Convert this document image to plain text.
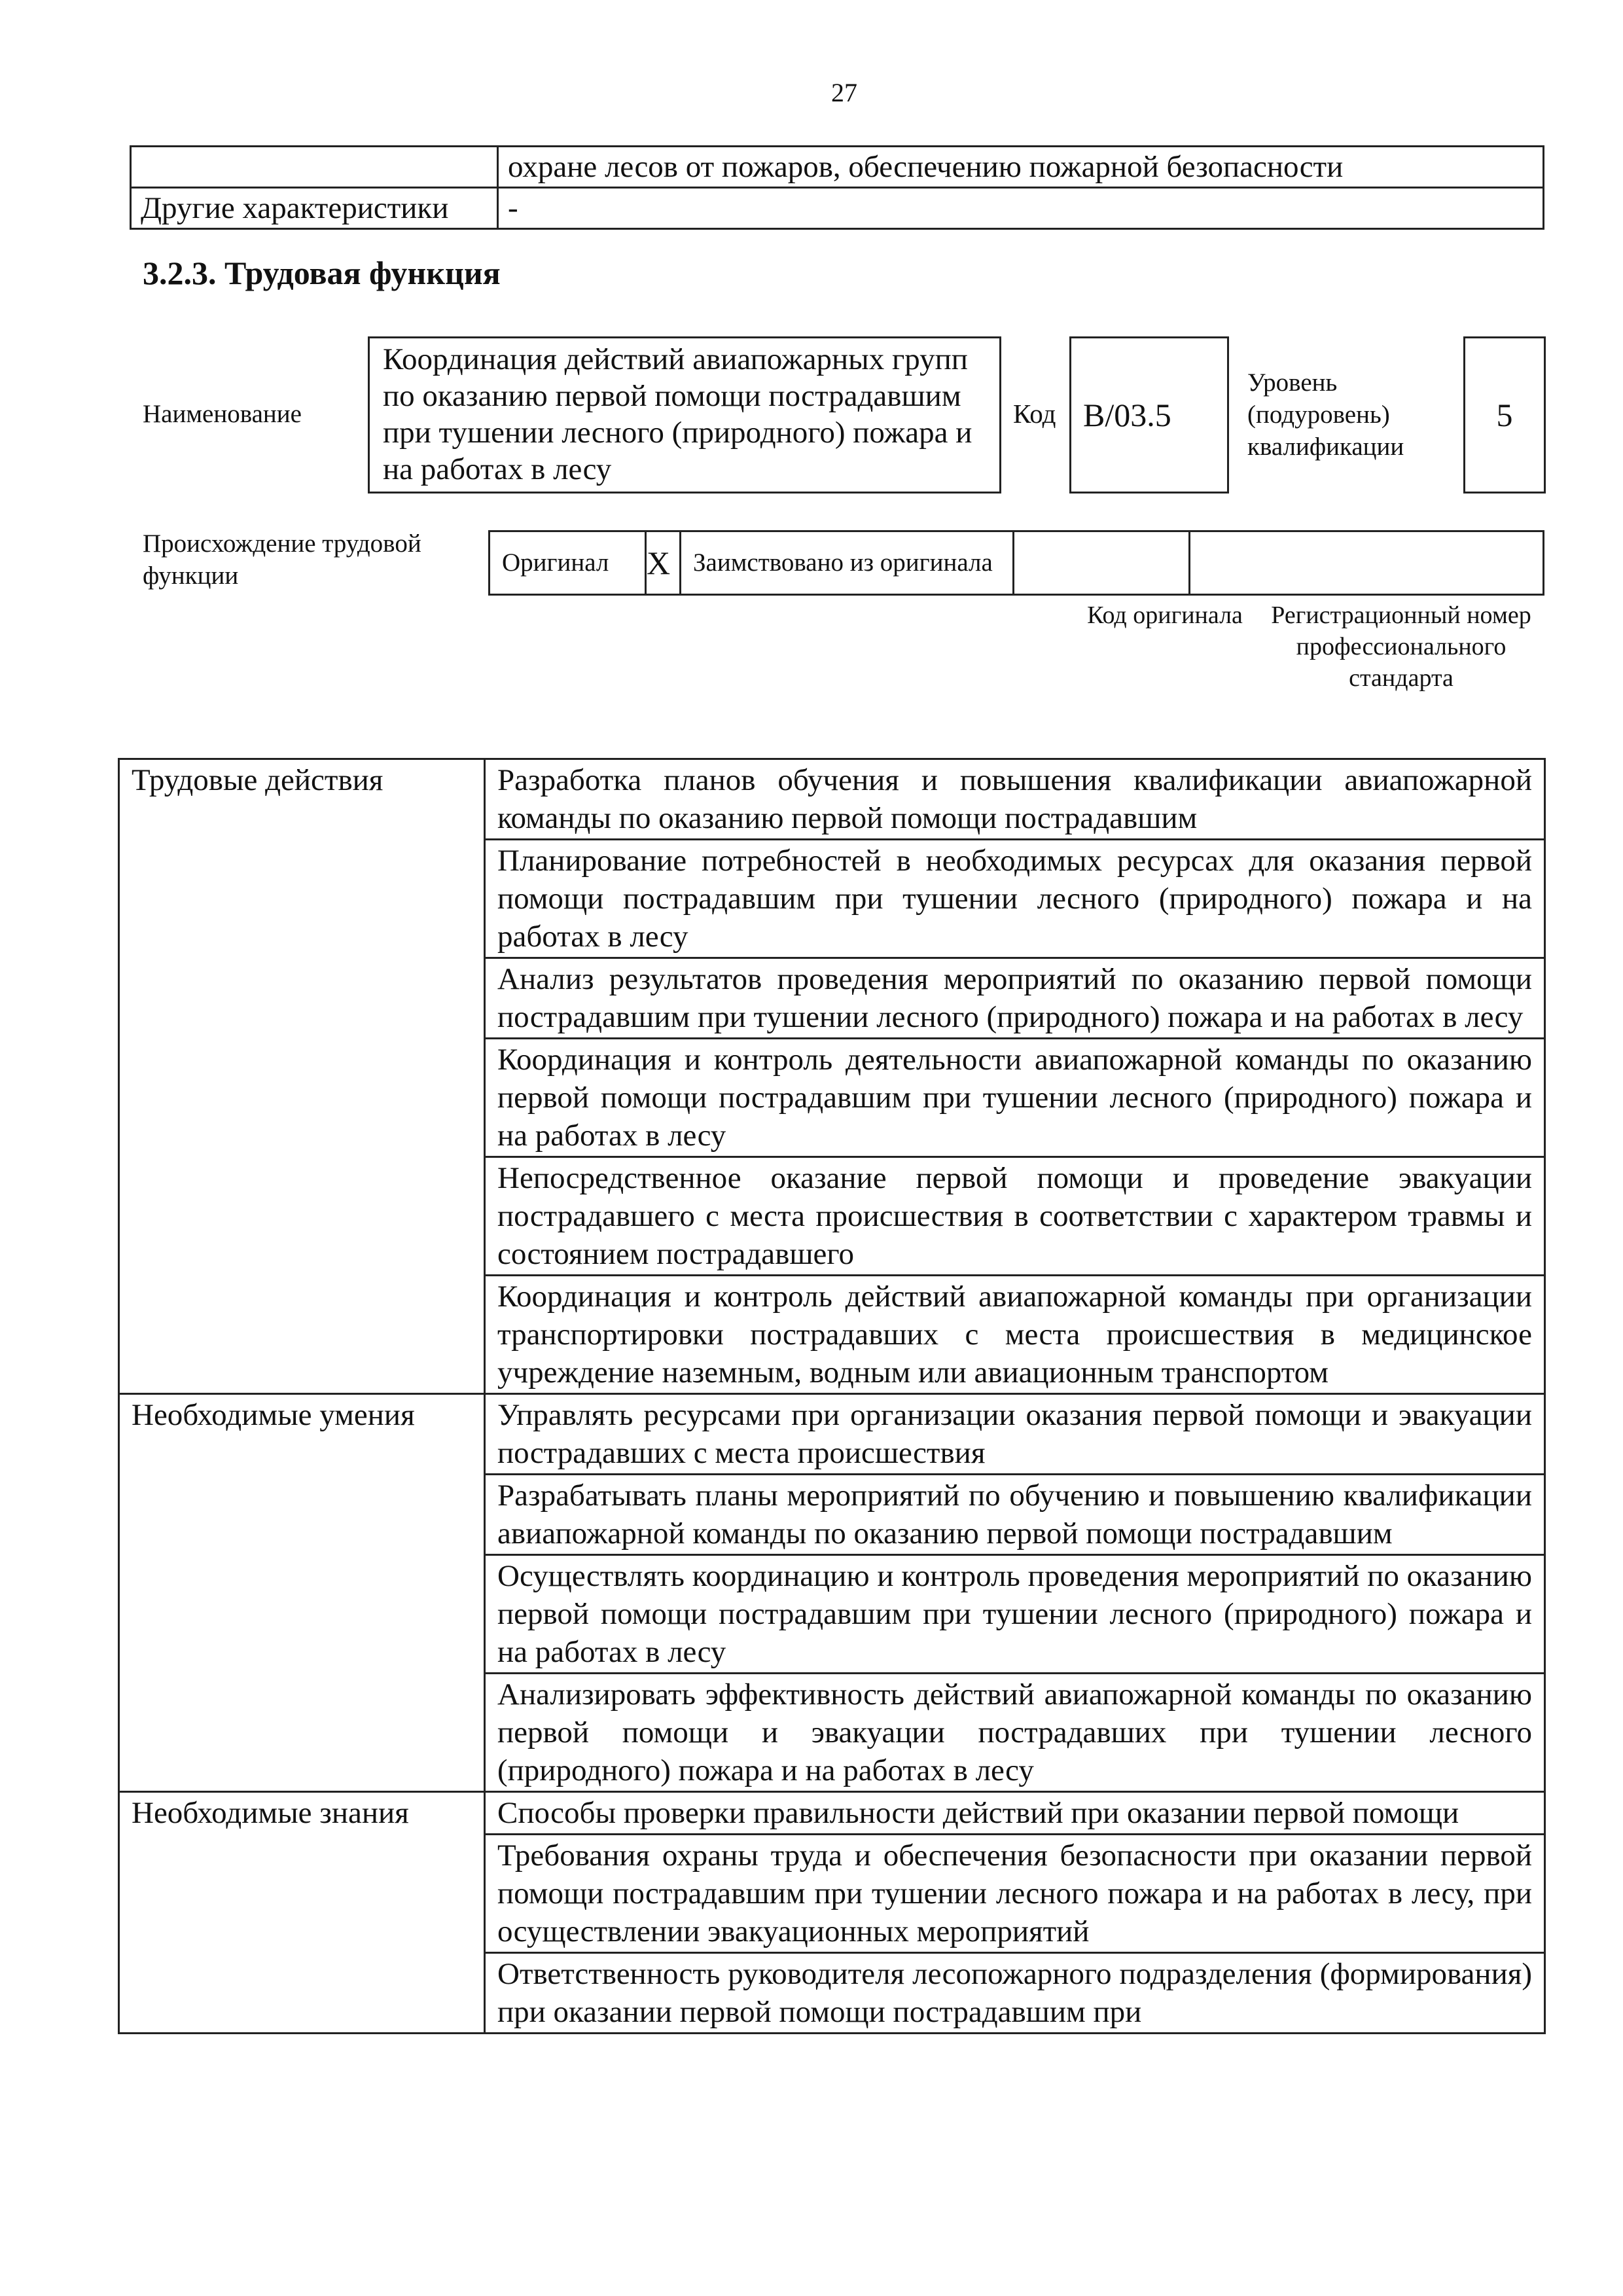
27
	охране лесов от пожаров, обеспечению пожарной безопасности
Другие характеристики	-
3.2.3. Трудовая функция
Наименование
Координация действий авиапожарных групп по оказанию первой помощи пострадавшим при тушении лесного (природного) пожара и на работах в лесу
Код B/03.5
Уровень (подуровень) квалификации
5
Происхождение трудовой функции	Оригинал	X	Заимствовано из оригинала		
Код оригинала Регистрационный номер профессионального стандарта
Трудовые действия	Разработка планов обучения и повышения квалификации авиапожарной команды по оказанию первой помощи пострадавшим
	Планирование потребностей в необходимых ресурсах для оказания первой помощи пострадавшим при тушении лесного (природного) пожара и на работах в лесу
	Анализ результатов проведения мероприятий по оказанию первой помощи пострадавшим при тушении лесного (природного) пожара и на работах в лесу
	Координация и контроль деятельности авиапожарной команды по оказанию первой помощи пострадавшим при тушении лесного (природного) пожара и на работах в лесу
	Непосредственное оказание первой помощи и проведение эвакуации пострадавшего с места происшествия в соответствии с характером травмы и состоянием пострадавшего
	Координация и контроль действий авиапожарной команды при организации транспортировки пострадавших с места происшествия в медицинское учреждение наземным, водным или авиационным транспортом
Необходимые умения	Управлять ресурсами при организации оказания первой помощи и эвакуации пострадавших с места происшествия
	Разрабатывать планы мероприятий по обучению и повышению квалификации авиапожарной команды по оказанию первой помощи пострадавшим
	Осуществлять координацию и контроль проведения мероприятий по оказанию первой помощи пострадавшим при тушении лесного (природного) пожара и на работах в лесу
	Анализировать эффективность действий авиапожарной команды по оказанию первой помощи и эвакуации пострадавших при тушении лесного (природного) пожара и на работах в лесу
Необходимые знания	Способы проверки правильности действий при оказании первой помощи
	Требования охраны труда и обеспечения безопасности при оказании первой помощи пострадавшим при тушении лесного пожара и на работах в лесу, при осуществлении эвакуационных мероприятий
	Ответственность руководителя лесопожарного подразделения (формирования) при оказании первой помощи пострадавшим при
